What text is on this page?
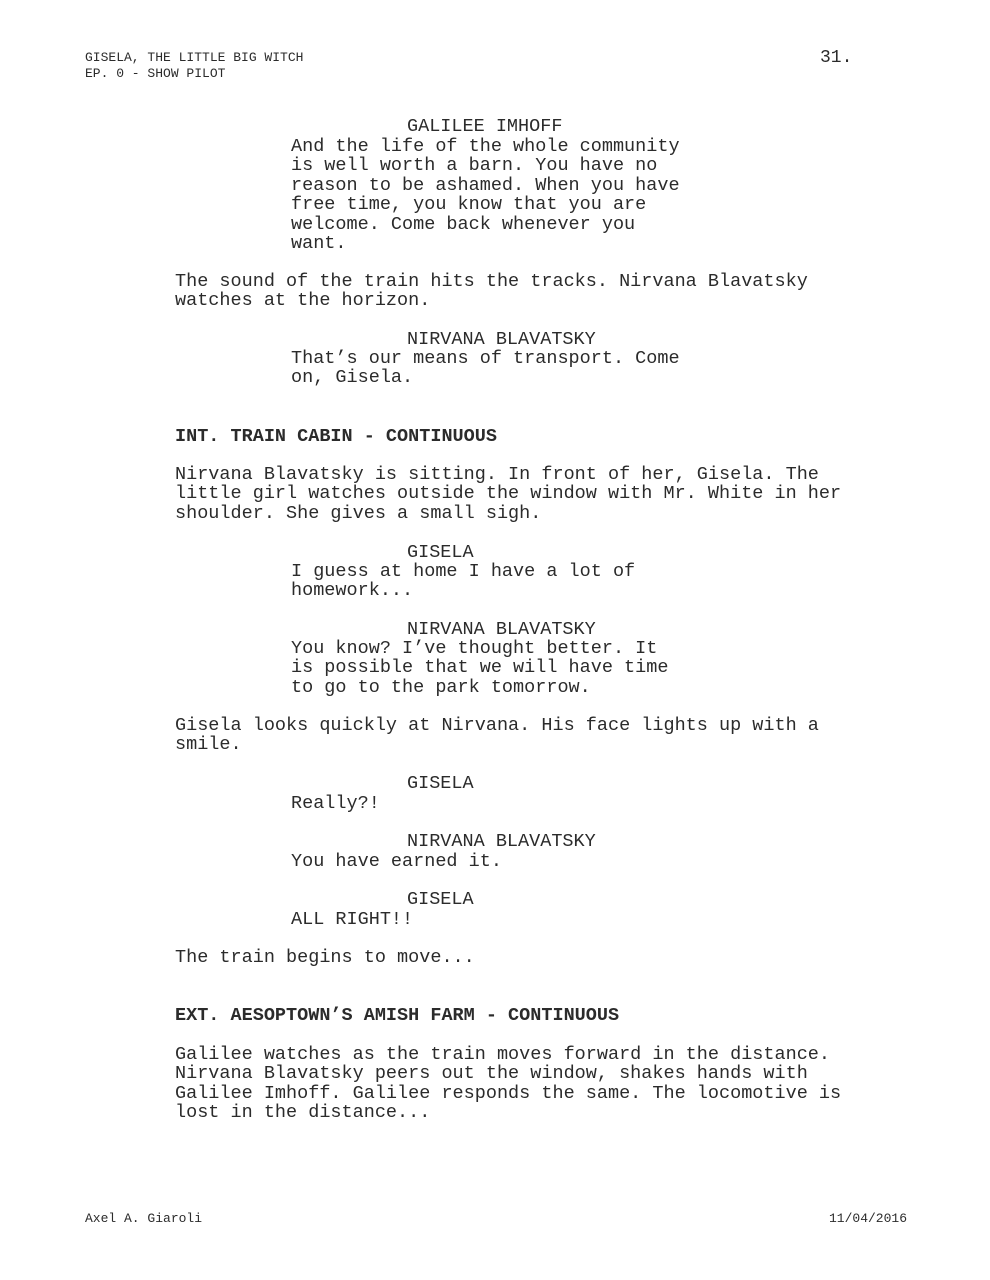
GISELA, THE LITTLE BIG WITCH
EP. 0 - SHOW PILOT
31.

GALILEE IMHOFF

And the life of the whole community
is well worth a barn. You have no
reason to be ashamed. When you have
free time, you know that you are
welcome. Come back whenever you
want.

The sound of the train hits the tracks. Nirvana Blavatsky
watches at the horizon.

NIRVANA BLAVATSKY

That’s our means of transport. Come
on, Gisela.

INT. TRAIN CABIN - CONTINUOUS

Nirvana Blavatsky is sitting. In front of her, Gisela. The
little girl watches outside the window with Mr. White in her
shoulder. She gives a small sigh.

GISELA

I guess at home I have a lot of
homework...

NIRVANA BLAVATSKY

You know? I’ve thought better. It
is possible that we will have time
to go to the park tomorrow.

Gisela looks quickly at Nirvana. His face lights up with a
smile.

GISELA

Really?!

NIRVANA BLAVATSKY

You have earned it.

GISELA

ALL RIGHT!!

The train begins to move...

EXT. AESOPTOWN’S AMISH FARM - CONTINUOUS

Galilee watches as the train moves forward in the distance.
Nirvana Blavatsky peers out the window, shakes hands with
Galilee Imhoff. Galilee responds the same. The locomotive is
lost in the distance...

Axel A. Giaroli	11/04/2016
